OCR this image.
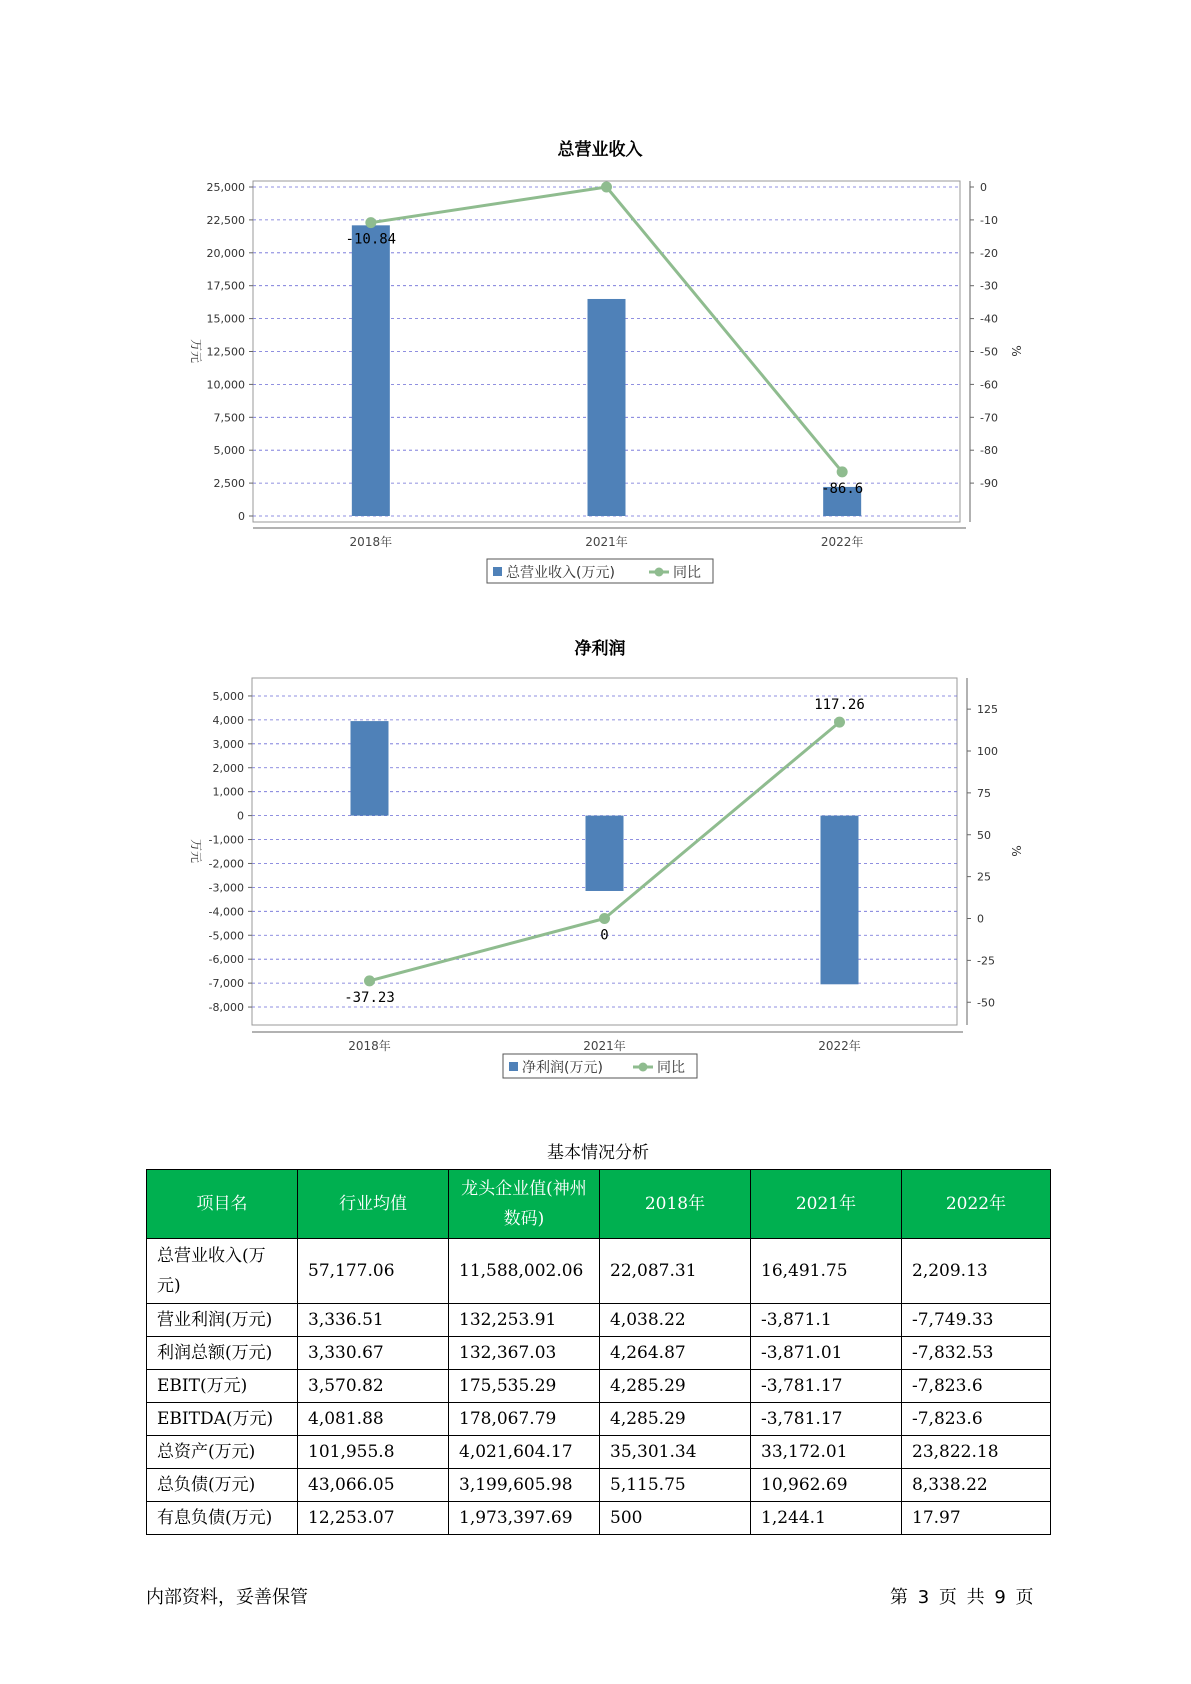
总营业收入
0
2,500
5,000
7,500
10,000
12,500
15,000
17,500
20,000
22,500
25,000	0
-10
-20
-30
-40
-50
-60
-70
-80
-90
万元	%
2018年	2021年	2022年
-10.84
-86.6
总营业收入(万元)	同比
净利润
5,000
4,000
3,000
2,000
1,000
0
-1,000
-2,000
-3,000
-4,000
-5,000
-6,000
-7,000
-8,000
125
100
75
50
25
0
-25
-50
万元	%
2018年	2021年	2022年
-37.23
0
117.26
净利润(万元)	同比
基本情况分析
项目名	行业均值	龙头企业值(神州数码)	2018年	2021年	2022年
总营业收入(万元)	57,177.06	11,588,002.06	22,087.31	16,491.75	2,209.13
营业利润(万元)	3,336.51	132,253.91	4,038.22	-3,871.1	-7,749.33
利润总额(万元)	3,330.67	132,367.03	4,264.87	-3,871.01	-7,832.53
EBIT(万元)	3,570.82	175,535.29	4,285.29	-3,781.17	-7,823.6
EBITDA(万元)	4,081.88	178,067.79	4,285.29	-3,781.17	-7,823.6
总资产(万元)	101,955.8	4,021,604.17	35,301.34	33,172.01	23,822.18
总负债(万元)	43,066.05	3,199,605.98	5,115.75	10,962.69	8,338.22
有息负债(万元)	12,253.07	1,973,397.69	500	1,244.1	17.97
内部资料，妥善保管	第 3 页 共 9 页
